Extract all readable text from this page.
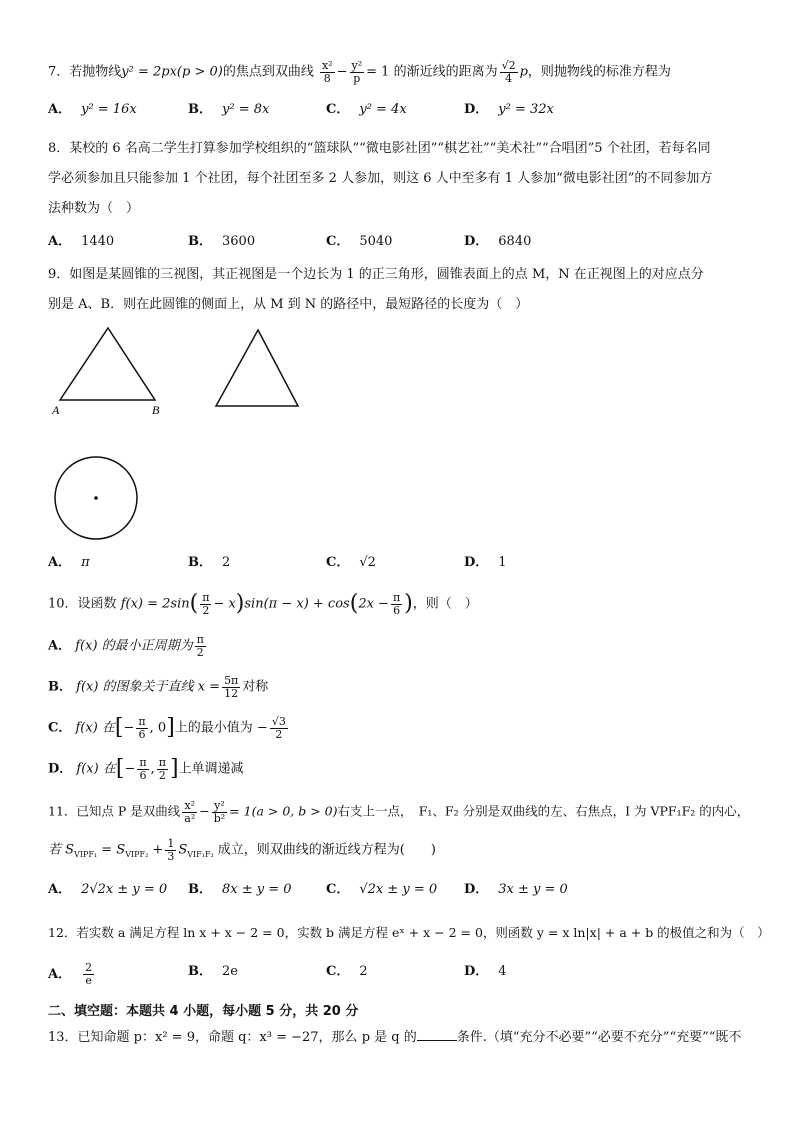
7．若抛物线y² = 2px(p > 0)的焦点到双曲线 $\frac{\text{x²}}{8} - \frac{\text{y²}}{p} = 1$ 的渐近线的距离为 $\frac{√2}{4}$ p，则抛物线的标准方程为
A． y² = 16x	B． y² = 8x	C． y² = 4x	D． y² = 32x
8．某校的 6 名高二学生打算参加学校组织的“篮球队”“微电影社团”“棋艺社”“美术社”“合唱团”5 个社团，若每名同
学必须参加且只能参加 1 个社团，每个社团至多 2 人参加，则这 6 人中至多有 1 人参加“微电影社团”的不同参加方
法种数为（　）
A． 1440	B． 3600	C． 5040	D． 6840
9．如图是某圆锥的三视图，其正视图是一个边长为 1 的正三角形，圆锥表面上的点 M，N 在正视图上的对应点分
别是 A、B．则在此圆锥的侧面上，从 M 到 N 的路径中，最短路径的长度为（　）
A	B
A． π	B． 2	C． √2	D． 1
10．设函数 $f(x) = 2\sin( \frac{\pi}{2} - x)\sin(\pi - x) + \cos(2x - \frac{\pi}{6}$ )，则（　）
A． f(x) 的最小正周期为 $\frac{\pi}{2}$
B． f(x) 的图象关于直线 $x = \frac{5\pi}{12}$ 对称
C． f(x) 在[− $\frac{\pi}{6}$ , 0]上的最小值为 − $\frac{√3}{2}$
D． f(x) 在[− $\frac{\pi}{6}$ , $\frac{\pi}{2}$ ]上单调递减
11．已知点 P 是双曲线 $\frac{\text{x²}}{\text{a²}} - \frac{\text{y²}}{\text{b²}} = 1(a > 0$, b > 0)右支上一点，　F₁、F₂ 分别是双曲线的左、右焦点，I 为 VPF₁F₂ 的内心，
若 $S_{VIPF_1} = S_{VIPF_2} + \frac{1}{3} S_{VIF_1F_2}$ 成立，则双曲线的渐近线方程为(　　)
A． 2√2x ± y = 0 B． 8x ± y = 0	C． √2x ± y = 0 D． 3x ± y = 0
12．若实数 a 满足方程 ln x + x − 2 = 0，实数 b 满足方程 eˣ + x − 2 = 0，则函数 y = x ln|x| + a + b 的极值之和为（　）
A． $\frac{2}{e}$	B． 2e	C． 2	D． 4
二、填空题：本题共 4 小题，每小题 5 分，共 20 分
13．已知命题 p：x² = 9，命题 q：x³ = −27，那么 p 是 q 的	条件.（填“充分不必要”“必要不充分”“充要”“既不
